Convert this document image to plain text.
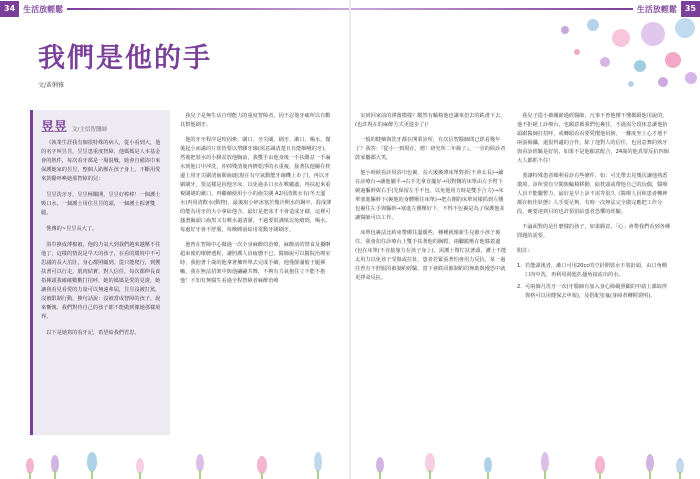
34	生活放輕鬆	生活放輕鬆	35
我們是他的手
文/黃俐雅
昱昱 文/主信智醫師

《執業生涯我有個很特殊的病人，從小看到大，他的名字叫昱昱，昱昱患重度智障，他媽媽是人本基金會的熱件，每次看牙都是一場混戰，她會自備浴巾來保護她家的昱昱，整個人趴壓在孩子身上，不斷用愛來鼓勵呼喚她那智障的兒：

昱昱洗牙牙，昱昱極闡開，昱昱好棒棒！一個護士吸口水，一個護士用住昱昱的頭，一個護士握著雙腿。

憔傳的~昱昱長大了。

浴巾換成薄棉被，他的力氣大到我們越來越壓不住他了，這樣的情況是早天的孩子，在看的環境中不可思議的長大茁壯，身心都照顧到。從只能爬行，到獲扶著可以行走，肌肉結實，對人信任，每次都伸長食指揮頭我確確數數打招呼，她的媽媽是愛的見證，她讓我看見看愛的力量可以無遠弗屆，昱昱沒被打罵，沒被限制行動，換句話說：沒被當成智障的孩子，說來慚愧，我們對待自己的孩子都不能做到像她那樣境界。

以下是她寫的看牙記，希望給我們省思。

我兒子是無生活自理能力的重度智障者，因不忍他牙痛所以有勸其幫他刷牙。

他的牙牙程序是咬固牽、刷口、牙尖刷、刷牙、漱口、喝水，餐後起小而滿的片狀皆要以塑膠牙線(需意識清楚且有能咽嚥的牙)，然後把裝水的小臉盆放他胸前，我雙手由他身後一手扶酪盆一手漏水到他口中沖洗，沖掉殘渣後再擠乾淨的水重複，接著扶他關在枕邊上用牙尖刷清齒間齒縫(現在有空氣動能牙線機上市了)，再以牙刷刷牙，要這樣是因他牙床，以免過多口水在喉嚨處，再扶起來重複刷刷的漱口，再繼續使用小小的齒尖刷 A2用清飲水有(冬天溫水)再用清飲水(動物)，最後取小碎冰塞於幾冷開水的鋼中，混成薄的能為用牙的大小拿給他含，最好是把冰才不會造成牙刷，這裡可搔潛擬頭口齒黑又有喉水還清潔，不過要很謹慎以免嗆到，喝水，每處好牙會不舒服，每晚睡前給用電動牙刷刷牙。

他曾在智障中心做過一次全身麻醉的治療，麻醉前的禁食及擾啊超束後的壞脾透程，讓照護人員疲憊不已，醫師說可以醫院治療室時，我抱著十歲的他拿著擁齊單去完成手續，他僅靜滿般于腿揮癱，我在無法招架中與他翩翩共舞，不夠有力氣抱住立不能不抱他！不知有無醫生看過全程智障者麻醉治療

室到回家前的澤薑模樣？縱然有輪椅他也讓來扭去的跌滑下去，(也許現在的麻醉方式更進步了)！

一般的健檢與洗牙都在開業診所，有次信智醫師問已經看幾年了？我答：『從小一到現在，嗯！研究所二年級了』，一旁的候診者鼓家屬都大笑。

他小時候看診用浴巾包裹，長大後換薄床單對折(不會太長)→鋪在診療台→讓他躺平→右手先拿直擺好→用對側的床單由左手臂下繞過軀幹與右手(先保留左手不包，以免他用力時是雙手合力)→床單塞進驅幹下(裹他的身體壓住床單)→把右側的床單同樣抓到左側包裹住左手與軀幹→塞進左側壓好下，不得不包裹是為了保護他並讓醫師可以工作。

床單包裹法比約束帶綁住溫暖些，種種就像新生兒被小孩子裏住，我會扣住診療台上雙手扶著他的胸膛，兩腳跪壓在他膝蓋邊(包在床單(不直接施力在孩子身上)，需護士幫忙扶著頭，護士不能太用力以免孩子受傷或拉扯，患者若緊張著怕會用力反抗，某一過往曾有不舒服的被制約經驗，當下會跌回被制約的無助與慢恐中就更掙命反抗。

我兒子從小被關節過經醫師，凡事不曾他懂不懂都跟他用說的，他不拒絕上診療台，也願意被我們包裹住，不過需分段休息讓他抬頭跟醫師打招呼，或轉頭看看要愛攪他肩膀，一難度坐上心才地不兩張禍攝，還很得適的合作，除了他對人的信任，也因意舞的熟牙與看診經驗是好的，如果不是他願意配合，24歲的他真要反抗四個大人都抓不住！

要讓特殊患者順利看診有些條件，如：可先帶去見幾次讓他熟悉環境，診所要有空間與輪椅移動，給枕頭或帶他自己的玩偶，醫療人員不能屬暫力，最好是早上診不需等很久《醫療人員和患者轉神都在較佳狀態》人手要足夠，有時一次無法完全做完應把工作分段，硬要達到目的也許預留給患者恐懼的經驗。

不論面對的是什麼樣的孩子，如果願意，「心」會帶我們看到各種問題的需要。

附註：

1. 若能頭後者，漱口可用20cc的空針開裝水不裝針頭，由口角側口內中洗，再利用湯匙扒搔角接流出的水。
2. 可兩個月洗牙一次(牙醫師有加入身心障礙照顧的申請上課取得資格可以用健保去申報)，及搭配塗氟(身障者轉附證明)。
